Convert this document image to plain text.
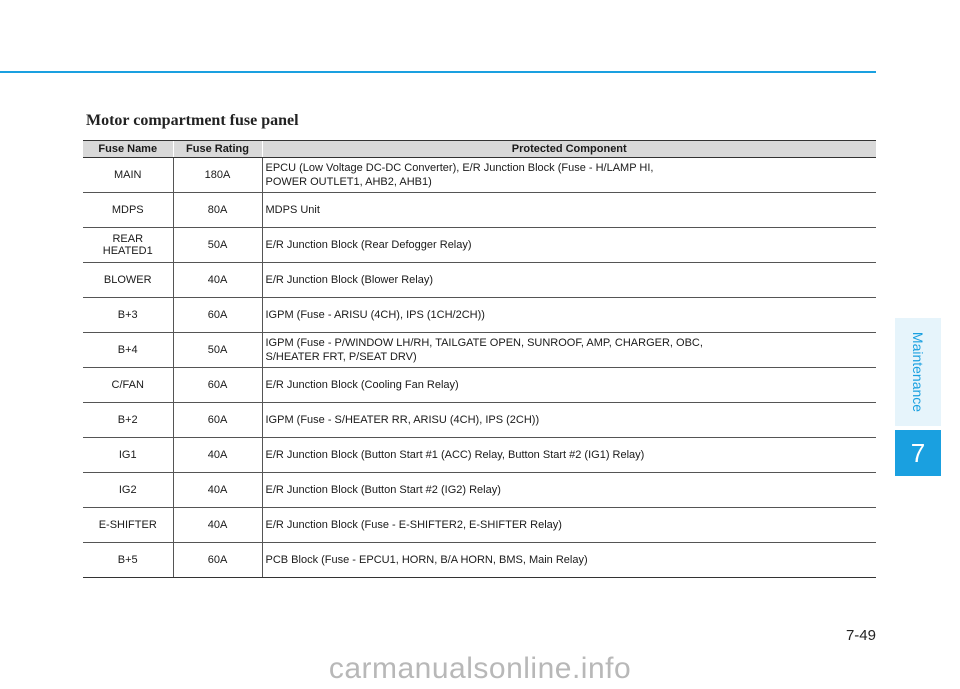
Motor compartment fuse panel
Fuse Name	Fuse Rating	Protected Component
MAIN	180A	EPCU (Low Voltage DC-DC Converter), E/R Junction Block (Fuse - H/LAMP HI,
POWER OUTLET1, AHB2, AHB1)
MDPS	80A	MDPS Unit
REAR
HEATED1	50A	E/R Junction Block (Rear Defogger Relay)
BLOWER	40A	E/R Junction Block (Blower Relay)
B+3	60A	IGPM (Fuse - ARISU (4CH), IPS (1CH/2CH))
B+4	50A	IGPM (Fuse - P/WINDOW LH/RH, TAILGATE OPEN, SUNROOF, AMP, CHARGER, OBC,
S/HEATER FRT, P/SEAT DRV)
C/FAN	60A	E/R Junction Block (Cooling Fan Relay)
B+2	60A	IGPM (Fuse - S/HEATER RR, ARISU (4CH), IPS (2CH))
IG1	40A	E/R Junction Block (Button Start #1 (ACC) Relay, Button Start #2 (IG1) Relay)
IG2	40A	E/R Junction Block (Button Start #2 (IG2) Relay)
E-SHIFTER	40A	E/R Junction Block (Fuse - E-SHIFTER2, E-SHIFTER Relay)
B+5	60A	PCB Block (Fuse - EPCU1, HORN, B/A HORN, BMS, Main Relay)
Maintenance
7
7-49
carmanualsonline.info
